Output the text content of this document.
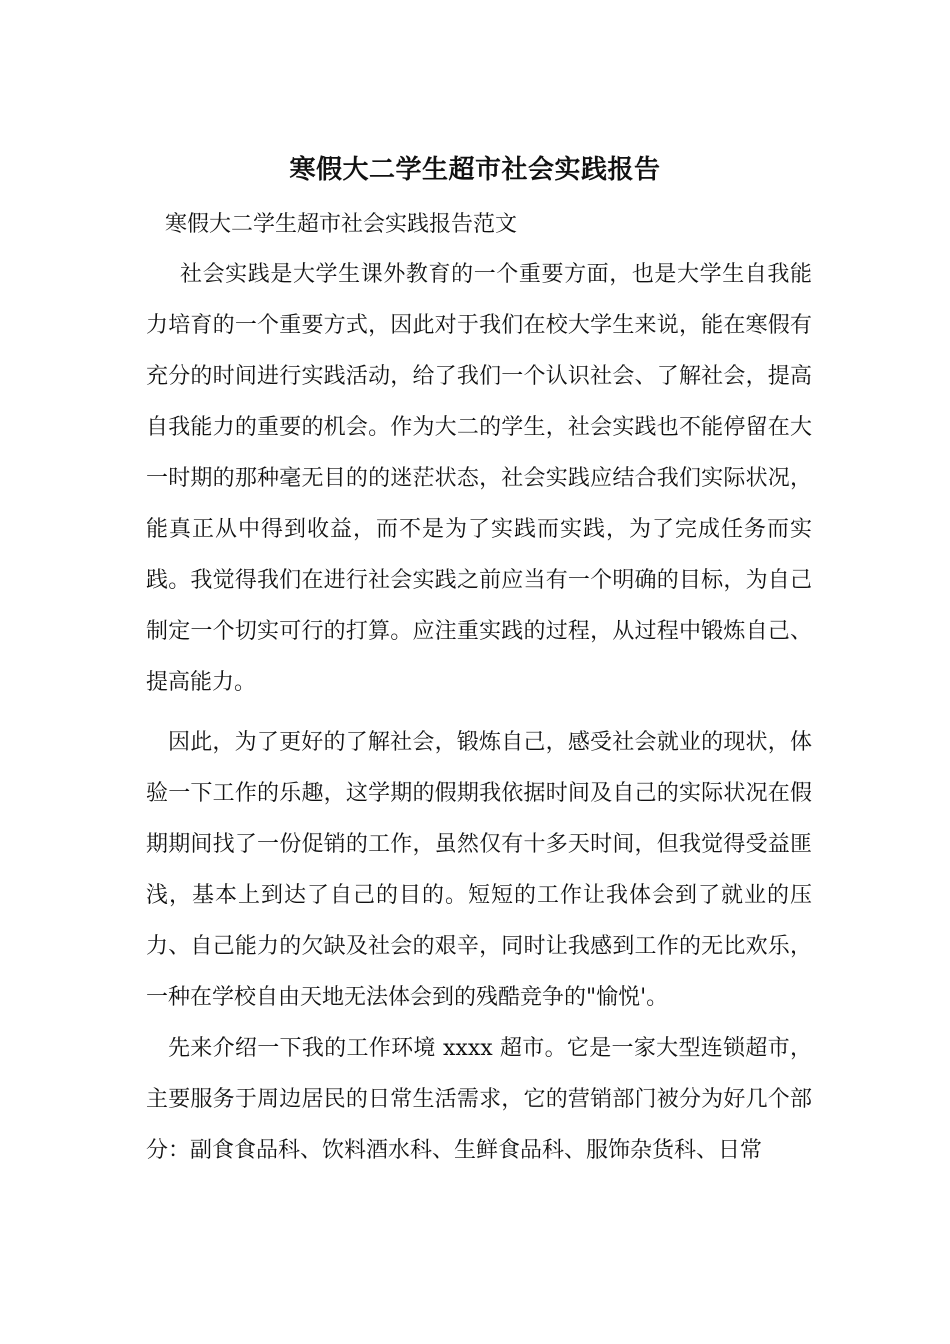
寒假大二学生超市社会实践报告
寒假大二学生超市社会实践报告范文
社会实践是大学生课外教育的一个重要方面，也是大学生自我能力培育的一个重要方式，因此对于我们在校大学生来说，能在寒假有充分的时间进行实践活动，给了我们一个认识社会、了解社会，提高自我能力的重要的机会。作为大二的学生，社会实践也不能停留在大一时期的那种毫无目的的迷茫状态，社会实践应结合我们实际状况，能真正从中得到收益，而不是为了实践而实践，为了完成任务而实践。我觉得我们在进行社会实践之前应当有一个明确的目标，为自己制定一个切实可行的打算。应注重实践的过程，从过程中锻炼自己、提高能力。
因此，为了更好的了解社会，锻炼自己，感受社会就业的现状，体验一下工作的乐趣，这学期的假期我依据时间及自己的实际状况在假期期间找了一份促销的工作，虽然仅有十多天时间，但我觉得受益匪浅，基本上到达了自己的目的。短短的工作让我体会到了就业的压力、自己能力的欠缺及社会的艰辛，同时让我感到工作的无比欢乐，一种在学校自由天地无法体会到的残酷竞争的"愉悦'。
先来介绍一下我的工作环境 xxxx 超市。它是一家大型连锁超市，主要服务于周边居民的日常生活需求，它的营销部门被分为好几个部分：副食食品科、饮料酒水科、生鲜食品科、服饰杂货科、日常
